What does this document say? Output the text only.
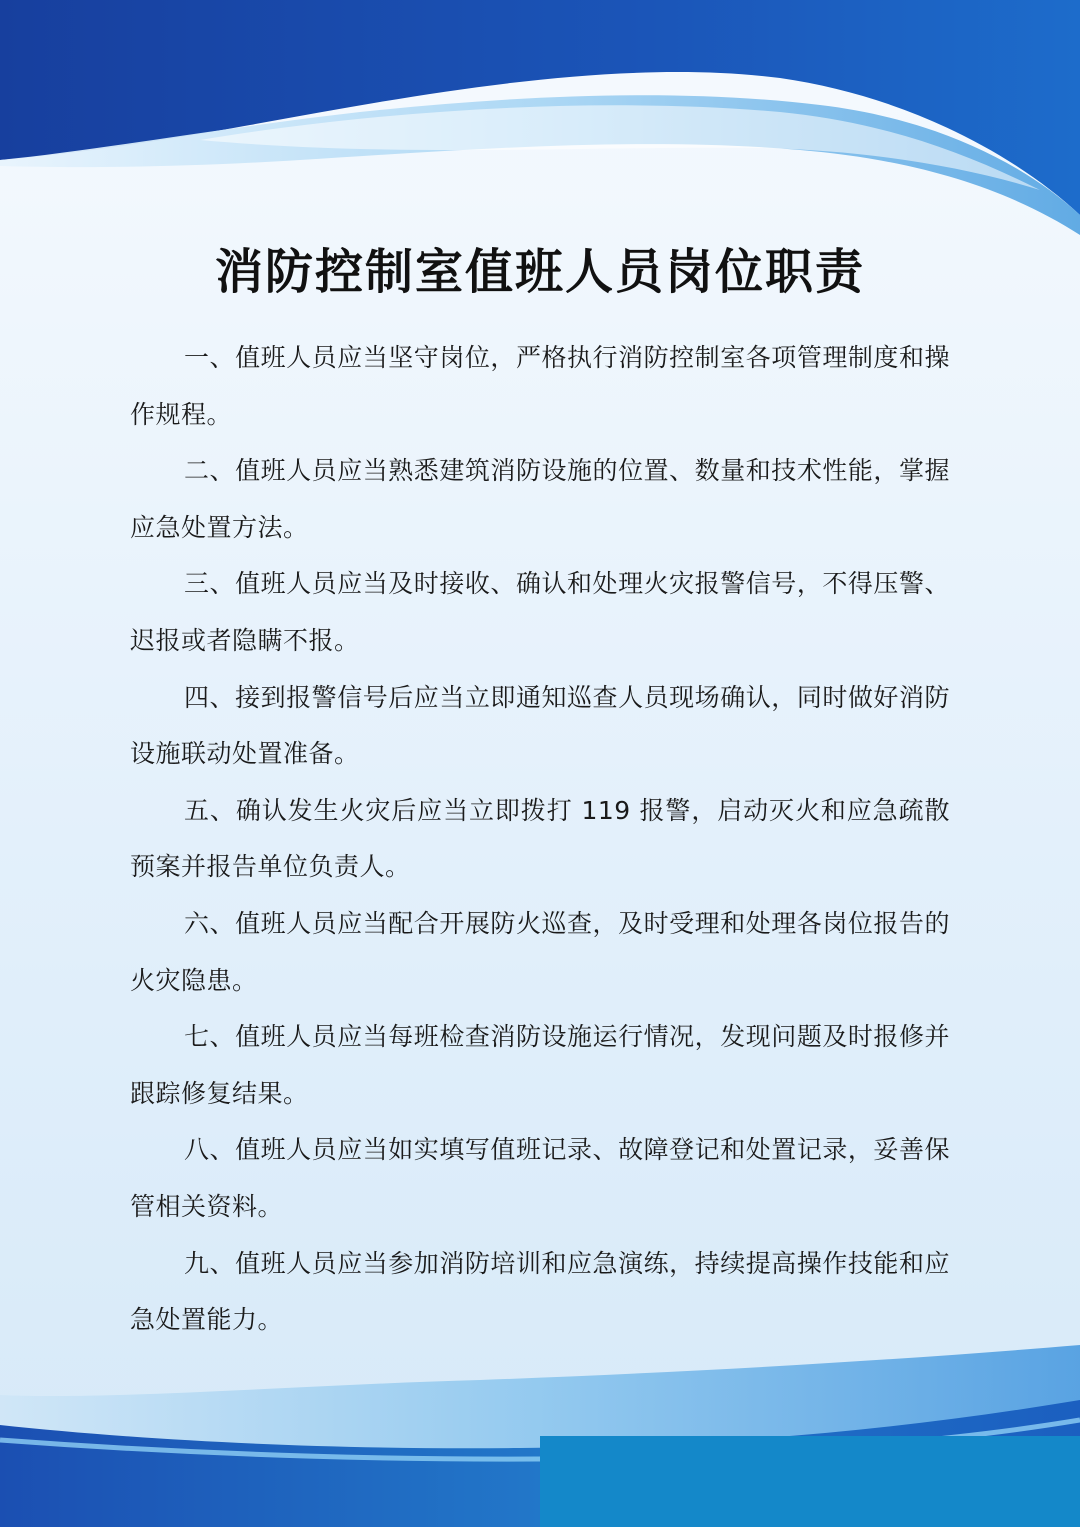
消防控制室值班人员岗位职责

一、值班人员应当坚守岗位，严格执行消防控制室各项管理制度和操作规程。

二、值班人员应当熟悉建筑消防设施的位置、数量和技术性能，掌握应急处置方法。

三、值班人员应当及时接收、确认和处理火灾报警信号，不得压警、迟报或者隐瞒不报。

四、接到报警信号后应当立即通知巡查人员现场确认，同时做好消防设施联动处置准备。

五、确认发生火灾后应当立即拨打 119 报警，启动灭火和应急疏散预案并报告单位负责人。

六、值班人员应当配合开展防火巡查，及时受理和处理各岗位报告的火灾隐患。

七、值班人员应当每班检查消防设施运行情况，发现问题及时报修并跟踪修复结果。

八、值班人员应当如实填写值班记录、故障登记和处置记录，妥善保管相关资料。

九、值班人员应当参加消防培训和应急演练，持续提高操作技能和应急处置能力。
